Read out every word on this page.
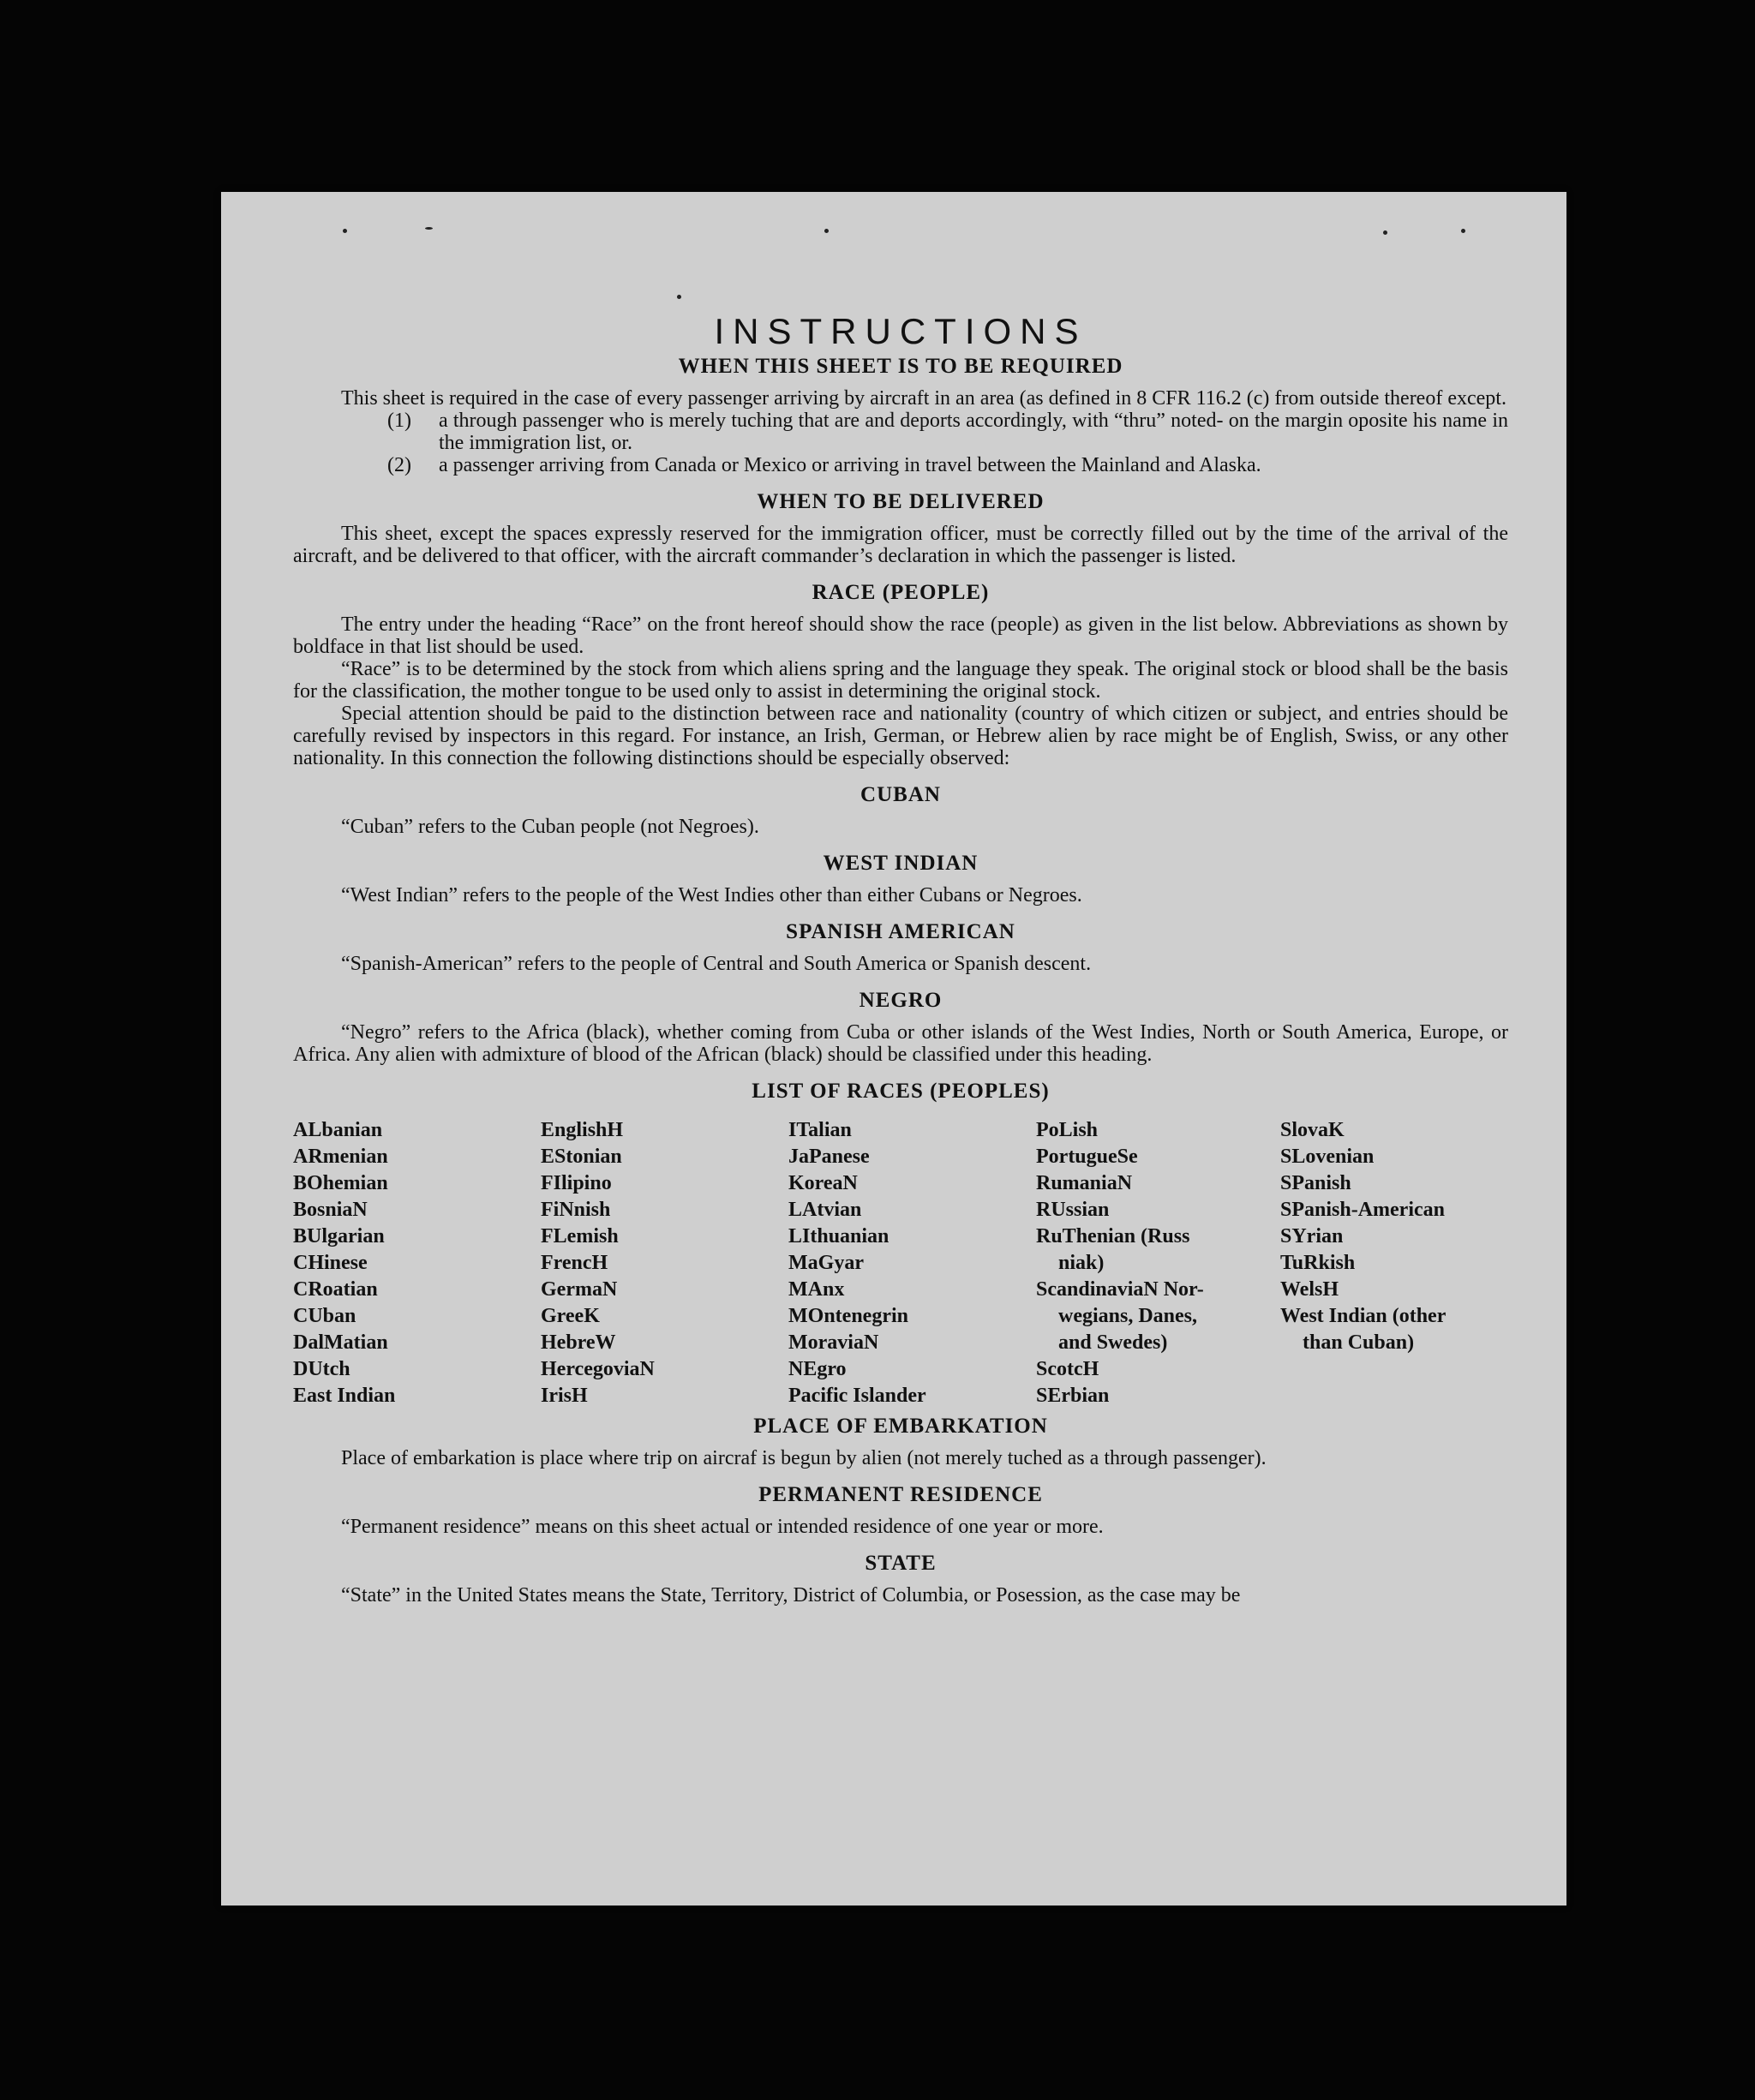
INSTRUCTIONS
WHEN THIS SHEET IS TO BE REQUIRED

This sheet is required in the case of every passenger arriving by aircraft in an area (as defined in 8 CFR 116.2 (c) from outside thereof except.

(1)	a through passenger who is merely tuching that are and deports accordingly, with “thru” noted- on the margin oposite his name in the immigration list, or.
(2)	a passenger arriving from Canada or Mexico or arriving in travel between the Mainland and Alaska.
WHEN TO BE DELIVERED

This sheet, except the spaces expressly reserved for the immigration officer, must be correctly filled out by the time of the arrival of the aircraft, and be delivered to that officer, with the aircraft commander’s declaration in which the passenger is listed.

RACE (PEOPLE)

The entry under the heading “Race” on the front hereof should show the race (people) as given in the list below. Abbreviations as shown by boldface in that list should be used.

“Race” is to be determined by the stock from which aliens spring and the language they speak. The original stock or blood shall be the basis for the classification, the mother tongue to be used only to assist in determining the original stock.

Special attention should be paid to the distinction between race and nationality (country of which citizen or subject, and entries should be carefully revised by inspectors in this regard. For instance, an Irish, German, or Hebrew alien by race might be of English, Swiss, or any other nationality. In this connection the following distinctions should be especially observed:

CUBAN

“Cuban” refers to the Cuban people (not Negroes).

WEST INDIAN

“West Indian” refers to the people of the West Indies other than either Cubans or Negroes.

SPANISH AMERICAN

“Spanish-American” refers to the people of Central and South America or Spanish descent.

NEGRO

“Negro” refers to the Africa (black), whether coming from Cuba or other islands of the West Indies, North or South America, Europe, or Africa. Any alien with admixture of blood of the African (black) should be classified under this heading.

LIST OF RACES (PEOPLES)
ALbanian
ARmenian
BOhemian
BosniaN
BUlgarian
CHinese
CRoatian
CUban
DalMatian
DUtch
East Indian
EnglishH
EStonian
FIlipino
FiNnish
FLemish
FrencH
GermaN
GreeK
HebreW
HercegoviaN
IrisH
ITalian
JaPanese
KoreaN
LAtvian
LIthuanian
MaGyar
MAnx
MOntenegrin
MoraviaN
NEgro
Pacific Islander
PoLish
PortugueSe
RumaniaN
RUssian
RuThenian (Russ
niak)
ScandinaviaN Nor-
wegians, Danes,
and Swedes)
ScotcH
SErbian
SlovaK
SLovenian
SPanish
SPanish-American
SYrian
TuRkish
WelsH
West Indian (other
than Cuban)
PLACE OF EMBARKATION

Place of embarkation is place where trip on aircraf is begun by alien (not merely tuched as a through passenger).

PERMANENT RESIDENCE

“Permanent residence” means on this sheet actual or intended residence of one year or more.

STATE

“State” in the United States means the State, Territory, District of Columbia, or Posession, as the case may be
